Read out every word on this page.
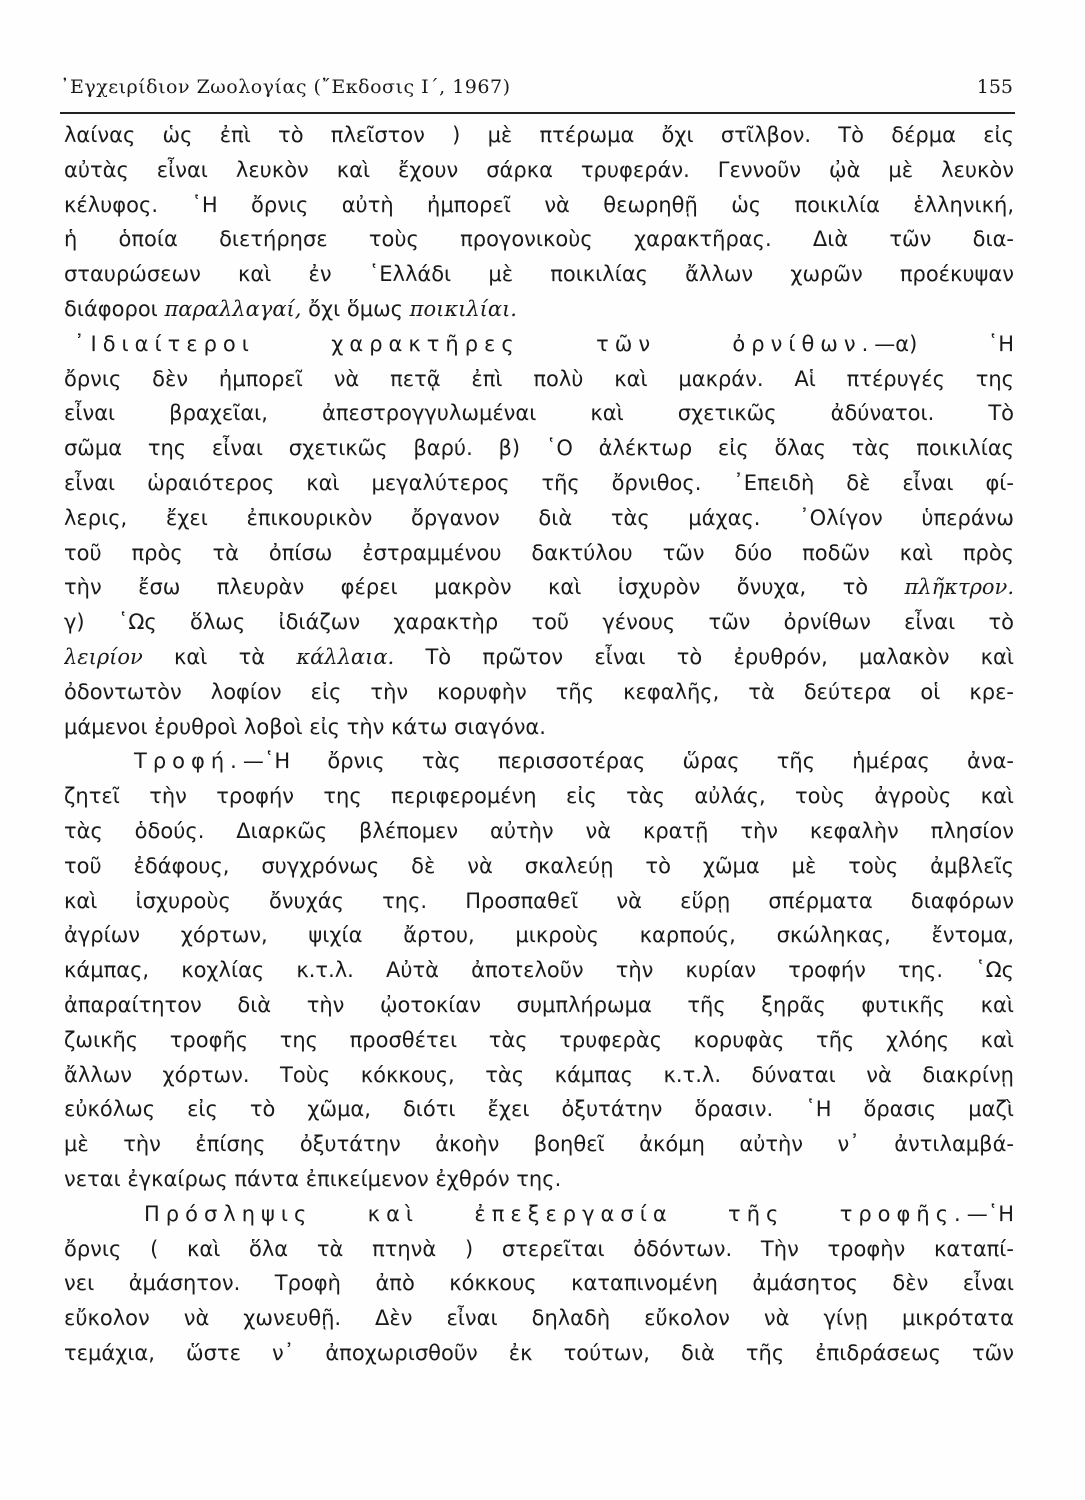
᾿Εγχειρίδιον Ζωολογίας (῎Εκδοσις Ι΄, 1967)	155
λαίνας ὡς ἐπὶ τὸ πλεῖστον ) μὲ πτέρωμα ὄχι στῖλβον. Τὸ δέρμα εἰς
αὐτὰς εἶναι λευκὸν καὶ ἔχουν σάρκα τρυφεράν. Γεννοῦν ᾠὰ μὲ λευκὸν
κέλυφος. ῾Η ὄρνις αὐτὴ ἠμπορεῖ νὰ θεωρηθῇ ὡς ποικιλία ἑλληνική,
ἡ ὁποία διετήρησε τοὺς προγονικοὺς χαρακτῆρας. Διὰ τῶν δια-
σταυρώσεων καὶ ἐν ῾Ελλάδι μὲ ποικιλίας ἄλλων χωρῶν προέκυψαν
διάφοροι παραλλαγαί, ὄχι ὅμως ποικιλίαι.
᾿Ιδιαίτεροι χαρακτῆρες τῶν ὀρνίθων.—α) ῾Η
ὄρνις δὲν ἠμπορεῖ νὰ πετᾷ ἐπὶ πολὺ καὶ μακράν. Αἱ πτέρυγές της
εἶναι βραχεῖαι, ἀπεστρογγυλωμέναι καὶ σχετικῶς ἀδύνατοι. Τὸ
σῶμα της εἶναι σχετικῶς βαρύ. β) ῾Ο ἀλέκτωρ εἰς ὅλας τὰς ποικιλίας
εἶναι ὡραιότερος καὶ μεγαλύτερος τῆς ὄρνιθος. ᾿Επειδὴ δὲ εἶναι φί-
λερις, ἔχει ἐπικουρικὸν ὄργανον διὰ τὰς μάχας. ᾿Ολίγον ὑπεράνω
τοῦ πρὸς τὰ ὀπίσω ἐστραμμένου δακτύλου τῶν δύο ποδῶν καὶ πρὸς
τὴν ἔσω πλευρὰν φέρει μακρὸν καὶ ἰσχυρὸν ὄνυχα, τὸ πλῆκτρον.
γ) ῾Ως ὅλως ἰδιάζων χαρακτὴρ τοῦ γένους τῶν ὀρνίθων εἶναι τὸ
λειρίον καὶ τὰ κάλλαια. Τὸ πρῶτον εἶναι τὸ ἐρυθρόν, μαλακὸν καὶ
ὀδοντωτὸν λοφίον εἰς τὴν κορυφὴν τῆς κεφαλῆς, τὰ δεύτερα οἱ κρε-
μάμενοι ἐρυθροὶ λοβοὶ εἰς τὴν κάτω σιαγόνα.
Τροφή.—῾Η ὄρνις τὰς περισσοτέρας ὥρας τῆς ἡμέρας ἀνα-
ζητεῖ τὴν τροφήν της περιφερομένη εἰς τὰς αὐλάς, τοὺς ἀγροὺς καὶ
τὰς ὁδούς. Διαρκῶς βλέπομεν αὐτὴν νὰ κρατῇ τὴν κεφαλὴν πλησίον
τοῦ ἐδάφους, συγχρόνως δὲ νὰ σκαλεύῃ τὸ χῶμα μὲ τοὺς ἀμβλεῖς
καὶ ἰσχυροὺς ὄνυχάς της. Προσπαθεῖ νὰ εὕρῃ σπέρματα διαφόρων
ἀγρίων χόρτων, ψιχία ἄρτου, μικροὺς καρπούς, σκώληκας, ἔντομα,
κάμπας, κοχλίας κ.τ.λ. Αὐτὰ ἀποτελοῦν τὴν κυρίαν τροφήν της. ῾Ως
ἀπαραίτητον διὰ τὴν ᾠοτοκίαν συμπλήρωμα τῆς ξηρᾶς φυτικῆς καὶ
ζωικῆς τροφῆς της προσθέτει τὰς τρυφερὰς κορυφὰς τῆς χλόης καὶ
ἄλλων χόρτων. Τοὺς κόκκους, τὰς κάμπας κ.τ.λ. δύναται νὰ διακρίνῃ
εὐκόλως εἰς τὸ χῶμα, διότι ἔχει ὀξυτάτην ὅρασιν. ῾Η ὅρασις μαζὶ
μὲ τὴν ἐπίσης ὀξυτάτην ἀκοὴν βοηθεῖ ἀκόμη αὐτὴν ν᾿ ἀντιλαμβά-
νεται ἐγκαίρως πάντα ἐπικείμενον ἐχθρόν της.
Πρόσληψις καὶ ἐπεξεργασία τῆς τροφῆς.—῾Η
ὄρνις ( καὶ ὅλα τὰ πτηνὰ ) στερεῖται ὀδόντων. Τὴν τροφὴν καταπί-
νει ἀμάσητον. Τροφὴ ἀπὸ κόκκους καταπινομένη ἀμάσητος δὲν εἶναι
εὔκολον νὰ χωνευθῇ. Δὲν εἶναι δηλαδὴ εὔκολον νὰ γίνῃ μικρότατα
τεμάχια, ὥστε ν᾿ ἀποχωρισθοῦν ἐκ τούτων, διὰ τῆς ἐπιδράσεως τῶν
